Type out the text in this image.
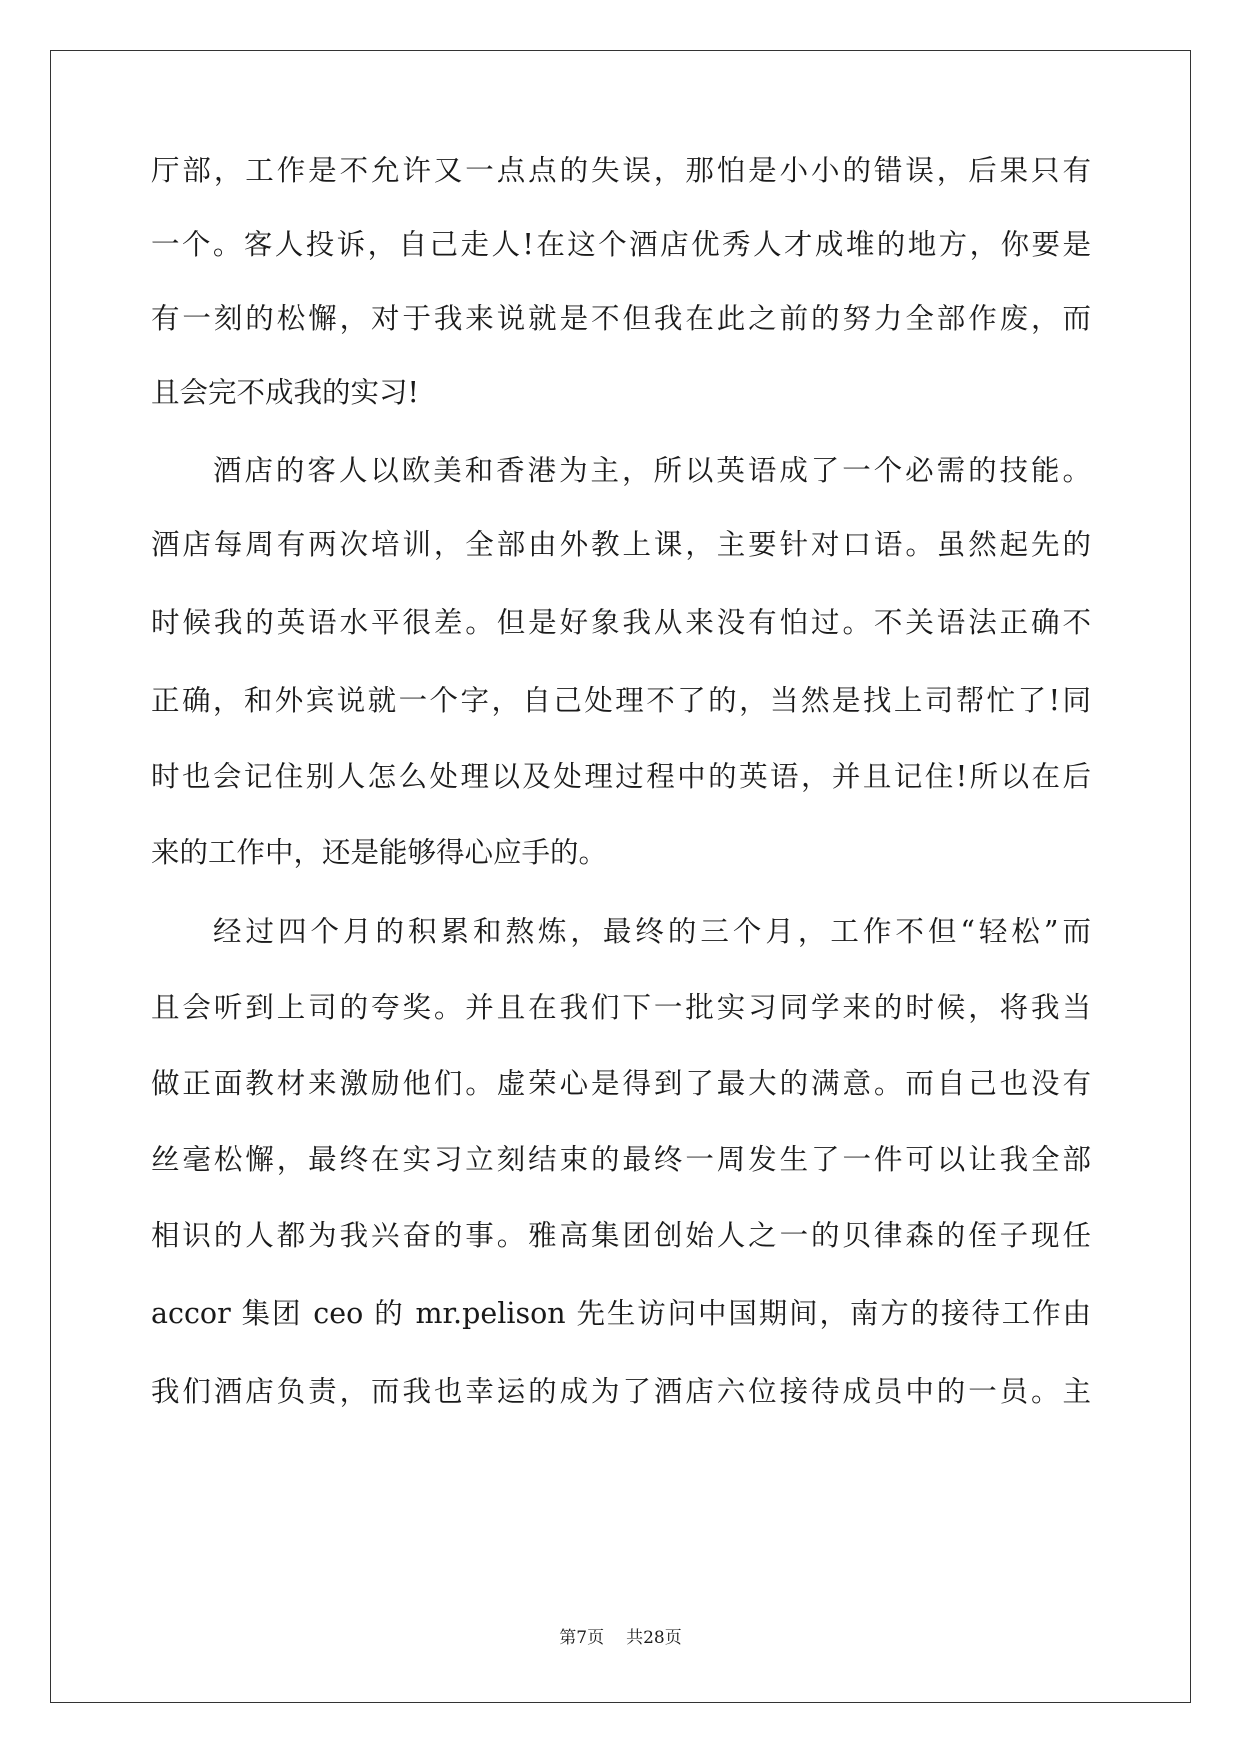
厅部，工作是不允许又一点点的失误，那怕是小小的错误，后果只有
一个。客人投诉，自己走人!在这个酒店优秀人才成堆的地方，你要是
有一刻的松懈，对于我来说就是不但我在此之前的努力全部作废，而
且会完不成我的实习!
酒店的客人以欧美和香港为主，所以英语成了一个必需的技能。
酒店每周有两次培训，全部由外教上课，主要针对口语。虽然起先的
时候我的英语水平很差。但是好象我从来没有怕过。不关语法正确不
正确，和外宾说就一个字，自己处理不了的，当然是找上司帮忙了!同
时也会记住别人怎么处理以及处理过程中的英语，并且记住!所以在后
来的工作中，还是能够得心应手的。
经过四个月的积累和熬炼，最终的三个月，工作不但“轻松”而
且会听到上司的夸奖。并且在我们下一批实习同学来的时候，将我当
做正面教材来激励他们。虚荣心是得到了最大的满意。而自己也没有
丝毫松懈，最终在实习立刻结束的最终一周发生了一件可以让我全部
相识的人都为我兴奋的事。雅高集团创始人之一的贝律森的侄子现任
accor 集团 ceo 的 mr.pelison 先生访问中国期间，南方的接待工作由
我们酒店负责，而我也幸运的成为了酒店六位接待成员中的一员。主
第7页 共28页
